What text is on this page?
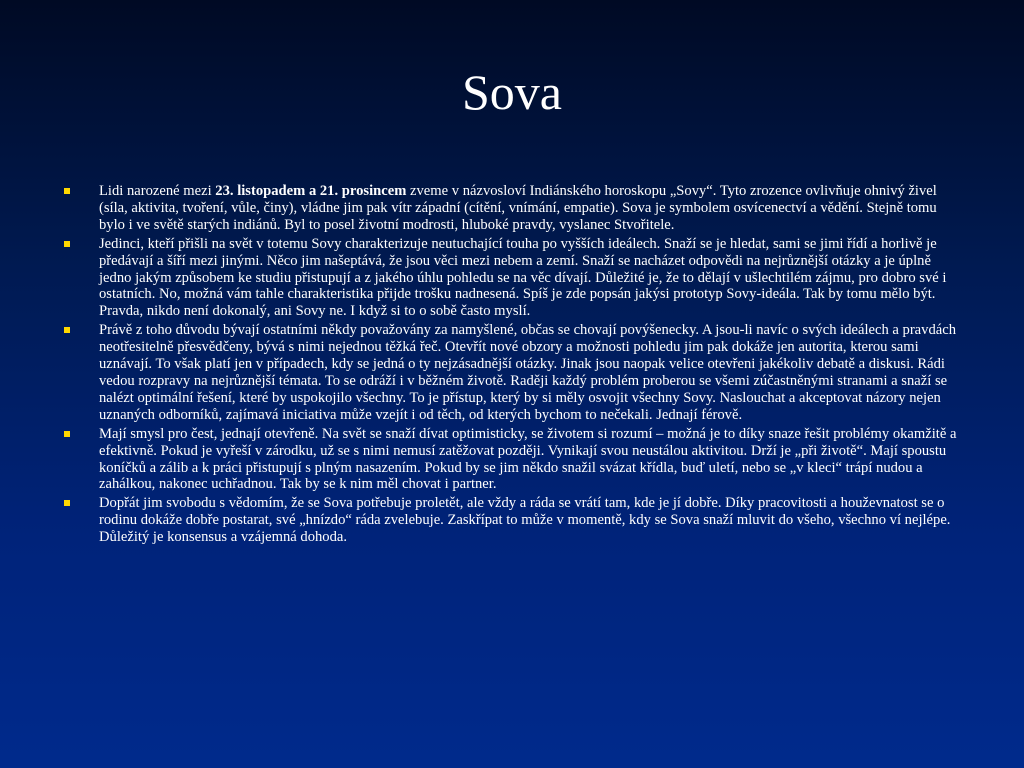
Sova
Lidi narozené mezi 23. listopadem a 21. prosincem zveme v názvosloví Indiánského horoskopu „Sovy“. Tyto zrozence ovlivňuje ohnivý živel (síla, aktivita, tvoření, vůle, činy), vládne jim pak vítr západní (cítění, vnímání, empatie). Sova je symbolem osvícenectví a vědění. Stejně tomu bylo i ve světě starých indiánů. Byl to posel životní modrosti, hluboké pravdy, vyslanec Stvořitele.
Jedinci, kteří přišli na svět v totemu Sovy charakterizuje neutuchající touha po vyšších ideálech. Snaží se je hledat, sami se jimi řídí a horlivě je předávají a šíří mezi jinými. Něco jim našeptává, že jsou věci mezi nebem a zemí. Snaží se nacházet odpovědi na nejrůznější otázky a je úplně jedno jakým způsobem ke studiu přistupují a z jakého úhlu pohledu se na věc dívají. Důležité je, že to dělají v ušlechtilém zájmu, pro dobro své i ostatních. No, možná vám tahle charakteristika přijde trošku nadnesená. Spíš je zde popsán jakýsi prototyp Sovy-ideála. Tak by tomu mělo být. Pravda, nikdo není dokonalý, ani Sovy ne. I když si to o sobě často myslí.
Právě z toho důvodu bývají ostatními někdy považovány za namyšlené, občas se chovají povýšenecky. A jsou-li navíc o svých ideálech a pravdách neotřesitelně přesvědčeny, bývá s nimi nejednou těžká řeč. Otevřít nové obzory a možnosti pohledu jim pak dokáže jen autorita, kterou sami uznávají. To však platí jen v případech, kdy se jedná o ty nejzásadnější otázky. Jinak jsou naopak velice otevřeni jakékoliv debatě a diskusi. Rádi vedou rozpravy na nejrůznější témata. To se odráží i v běžném životě. Raději každý problém proberou se všemi zúčastněnými stranami a snaží se nalézt optimální řešení, které by uspokojilo všechny. To je přístup, který by si měly osvojit všechny Sovy. Naslouchat a akceptovat názory nejen uznaných odborníků, zajímavá iniciativa může vzejít i od těch, od kterých bychom to nečekali. Jednají férově.
Mají smysl pro čest, jednají otevřeně. Na svět se snaží dívat optimisticky, se životem si rozumí – možná je to díky snaze řešit problémy okamžitě a efektivně. Pokud je vyřeší v zárodku, už se s nimi nemusí zatěžovat později. Vynikají svou neustálou aktivitou. Drží je „při životě“. Mají spoustu koníčků a zálib a k práci přistupují s plným nasazením. Pokud by se jim někdo snažil svázat křídla, buď uletí, nebo se „v kleci“ trápí nudou a zahálkou, nakonec uchřadnou. Tak by se k nim měl chovat i partner.
Dopřát jim svobodu s vědomím, že se Sova potřebuje proletět, ale vždy a ráda se vrátí tam, kde je jí dobře. Díky pracovitosti a houževnatost se o rodinu dokáže dobře postarat, své „hnízdo“ ráda zvelebuje. Zaskřípat to může v momentě, kdy se Sova snaží mluvit do všeho, všechno ví nejlépe. Důležitý je konsensus a vzájemná dohoda.
